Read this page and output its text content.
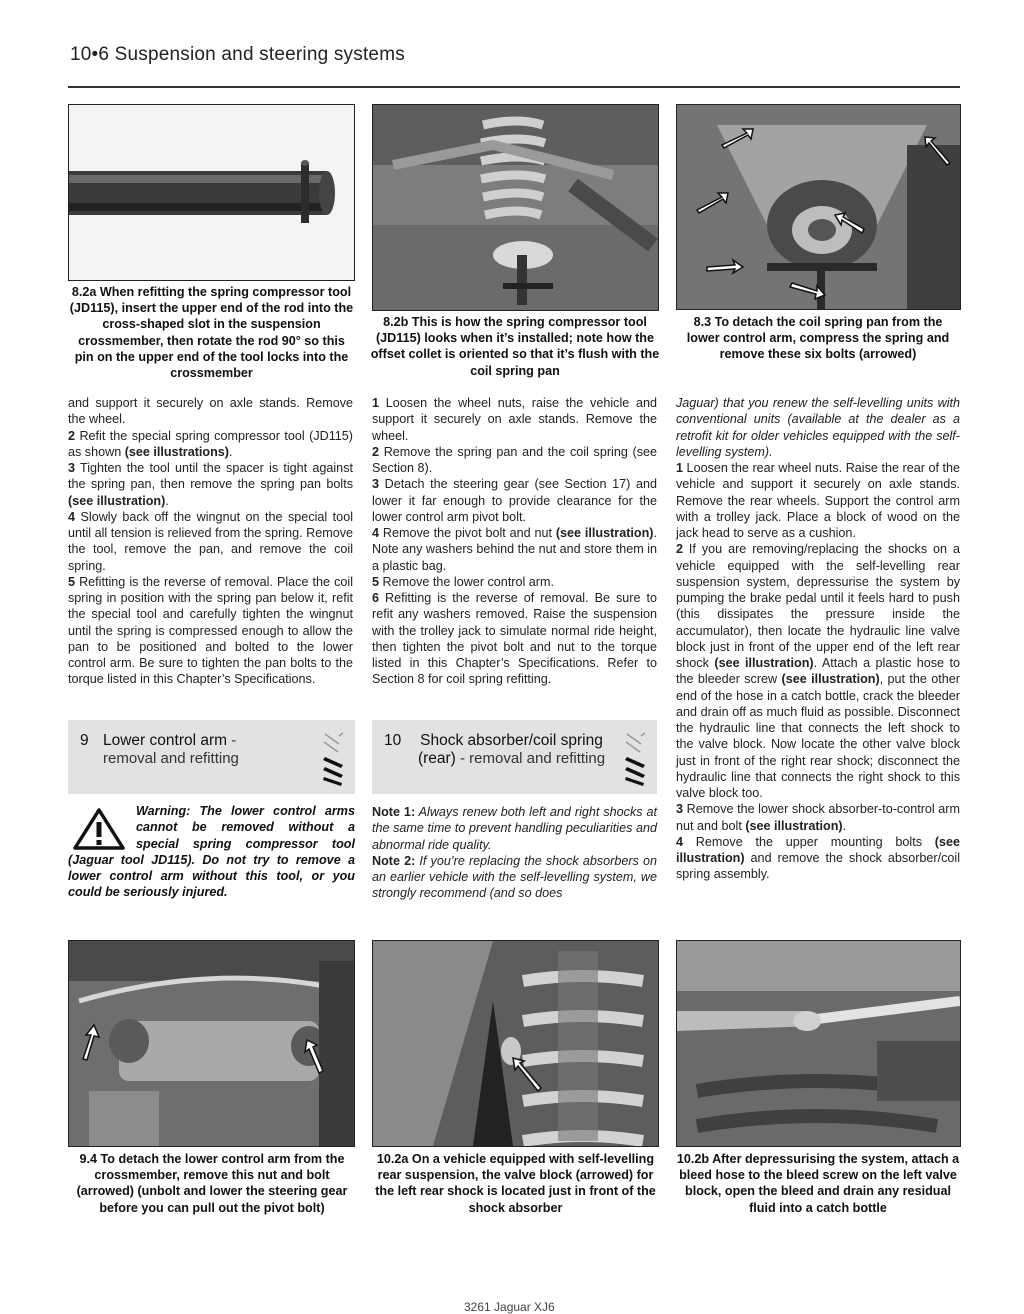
10•6 Suspension and steering systems
8.2a When refitting the spring compressor tool (JD115), insert the upper end of the rod into the cross-shaped slot in the suspension crossmember, then rotate the rod 90° so this pin on the upper end of the tool locks into the crossmember
8.2b This is how the spring compressor tool (JD115) looks when it’s installed; note how the offset collet is oriented so that it’s flush with the coil spring pan
8.3 To detach the coil spring pan from the lower control arm, compress the spring and remove these six bolts (arrowed)

and support it securely on axle stands. Remove the wheel.

2 Refit the special spring compressor tool (JD115) as shown (see illustrations).

3 Tighten the tool until the spacer is tight against the spring pan, then remove the spring pan bolts (see illustration).

4 Slowly back off the wingnut on the special tool until all tension is relieved from the spring. Remove the tool, remove the pan, and remove the coil spring.

5 Refitting is the reverse of removal. Place the coil spring in position with the spring pan below it, refit the special tool and carefully tighten the wingnut until the spring is compressed enough to allow the pan to be positioned and bolted to the lower control arm. Be sure to tighten the pan bolts to the torque listed in this Chapter’s Specifications.

9 Lower control arm -
removal and refitting
Warning: The lower control arms cannot be removed without a special spring compressor tool (Jaguar tool JD115). Do not try to remove a lower control arm without this tool, or you could be seriously injured.

1 Loosen the wheel nuts, raise the vehicle and support it securely on axle stands. Remove the wheel.

2 Remove the spring pan and the coil spring (see Section 8).

3 Detach the steering gear (see Section 17) and lower it far enough to provide clearance for the lower control arm pivot bolt.

4 Remove the pivot bolt and nut (see illustration). Note any washers behind the nut and store them in a plastic bag.

5 Remove the lower control arm.

6 Refitting is the reverse of removal. Be sure to refit any washers removed. Raise the suspension with the trolley jack to simulate normal ride height, then tighten the pivot bolt and nut to the torque listed in this Chapter’s Specifications. Refer to Section 8 for coil spring refitting.

10	Shock absorber/coil spring
(rear) - removal and refitting

Note 1: Always renew both left and right shocks at the same time to prevent handling peculiarities and abnormal ride quality.

Note 2: If you’re replacing the shock absorbers on an earlier vehicle with the self-levelling system, we strongly recommend (and so does

Jaguar) that you renew the self-levelling units with conventional units (available at the dealer as a retrofit kit for older vehicles equipped with the self-levelling system).

1 Loosen the rear wheel nuts. Raise the rear of the vehicle and support it securely on axle stands. Remove the rear wheels. Support the control arm with a trolley jack. Place a block of wood on the jack head to serve as a cushion.

2 If you are removing/replacing the shocks on a vehicle equipped with the self-levelling rear suspension system, depressurise the system by pumping the brake pedal until it feels hard to push (this dissipates the pressure inside the accumulator), then locate the hydraulic line valve block just in front of the upper end of the left rear shock (see illustration). Attach a plastic hose to the bleeder screw (see illustration), put the other end of the hose in a catch bottle, crack the bleeder and drain off as much fluid as possible. Disconnect the hydraulic line that connects the left shock to the valve block. Now locate the other valve block just in front of the right rear shock; disconnect the hydraulic line that connects the right shock to this valve block too.

3 Remove the lower shock absorber-to-control arm nut and bolt (see illustration).

4 Remove the upper mounting bolts (see illustration) and remove the shock absorber/coil spring assembly.

9.4 To detach the lower control arm from the crossmember, remove this nut and bolt (arrowed) (unbolt and lower the steering gear before you can pull out the pivot bolt)
10.2a On a vehicle equipped with self-levelling rear suspension, the valve block (arrowed) for the left rear shock is located just in front of the shock absorber
10.2b After depressurising the system, attach a bleed hose to the bleed screw on the left valve block, open the bleed and drain any residual fluid into a catch bottle
3261 Jaguar XJ6
